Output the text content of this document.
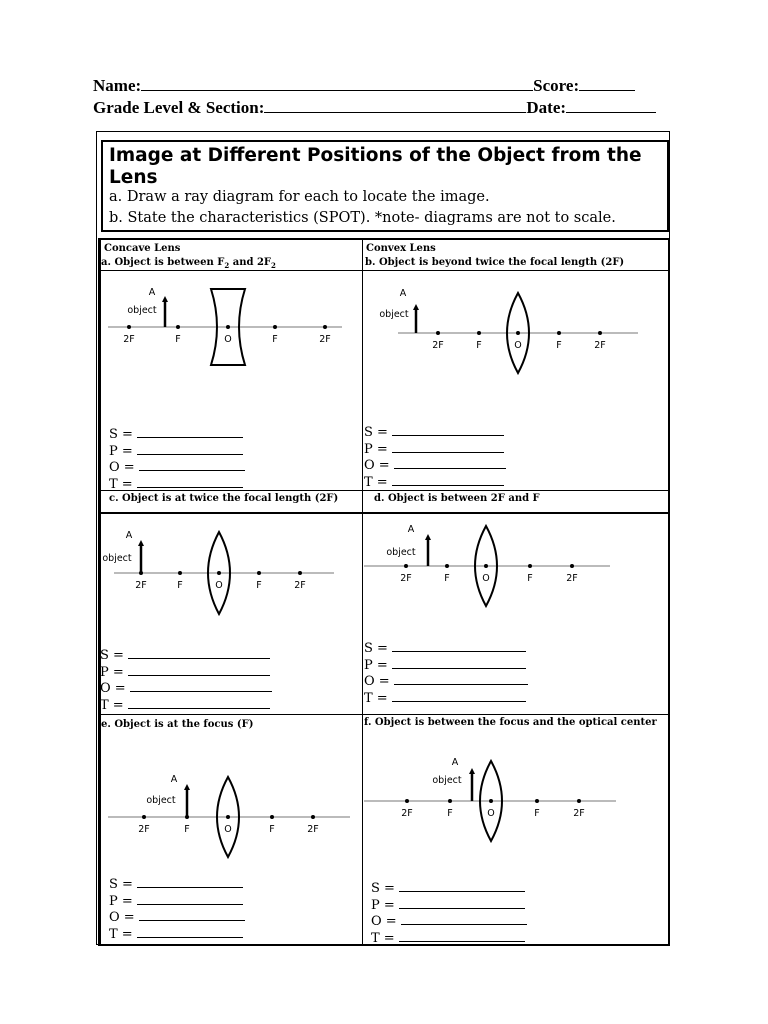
Name:	Score:
Grade Level & Section:	Date:
Image at Different Positions of the Object from the Lens
a. Draw a ray diagram for each to locate the image.
b. State the characteristics (SPOT). *note- diagrams are not to scale.
Concave Lens
a. Object is between $F_2$ and $2F_2$
Convex Lens
b. Object is beyond twice the focal length (2F)
c. Object is at twice the focal length (2F)	d. Object is between 2F and F
e. Object is at the focus (F)	f. Object is between the focus and the optical center
2F	F	O	F	2F
A
object
2F	F	O	F	2F
A
object
2F	F	O	F	2F
A
object
2F	F	O	F	2F
A
object
2F	F	O	F	2F
A
object
2F	F	O	F	2F
A
object
S =
P =
O =
T =
S =
P =
O =
T =
S =
P =
O =
T =
S =
P =
O =
T =
S =
P =
O =
T =
S =
P =
O =
T =
